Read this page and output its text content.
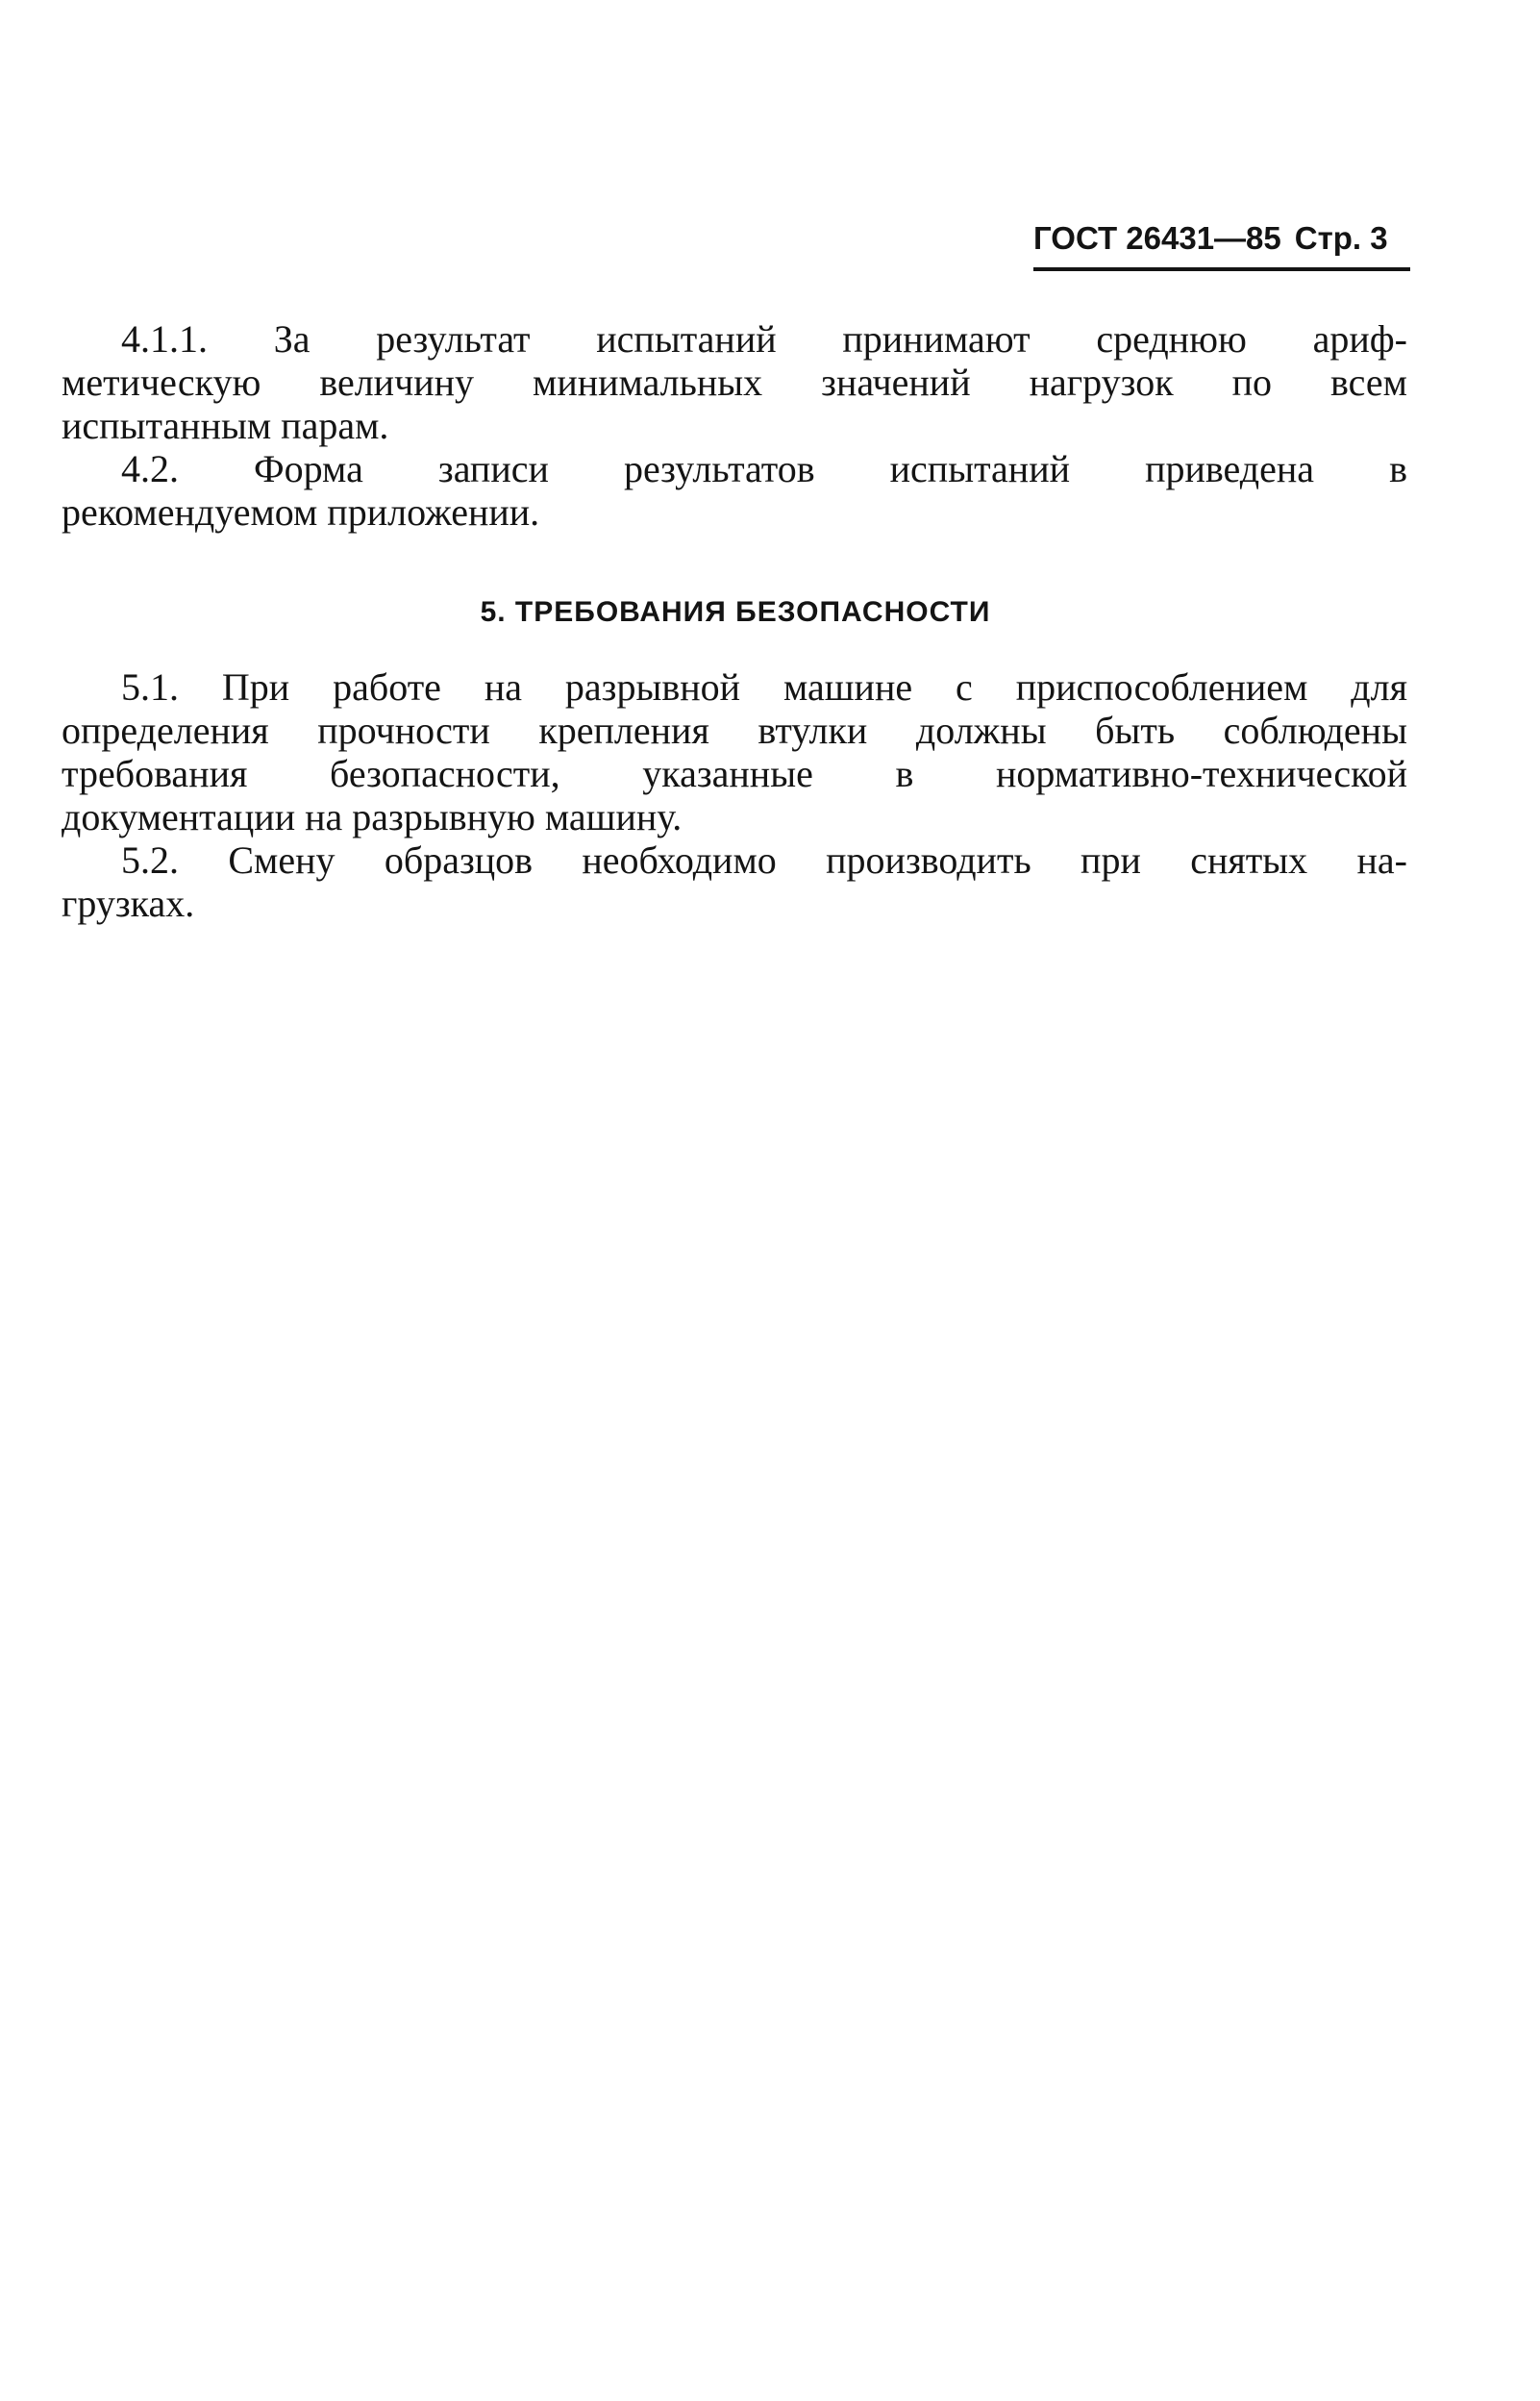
ГОСТ 26431—85 Стр. 3
4.1.1. За результат испытаний принимают среднюю ариф-
метическую величину минимальных значений нагрузок по всем
испытанным парам.
4.2. Форма записи результатов испытаний приведена в
рекомендуемом приложении.
5. ТРЕБОВАНИЯ БЕЗОПАСНОСТИ
5.1. При работе на разрывной машине с приспособлением для
определения прочности крепления втулки должны быть соблюдены
требования безопасности, указанные в нормативно-технической
документации на разрывную машину.
5.2. Смену образцов необходимо производить при снятых на-
грузках.
